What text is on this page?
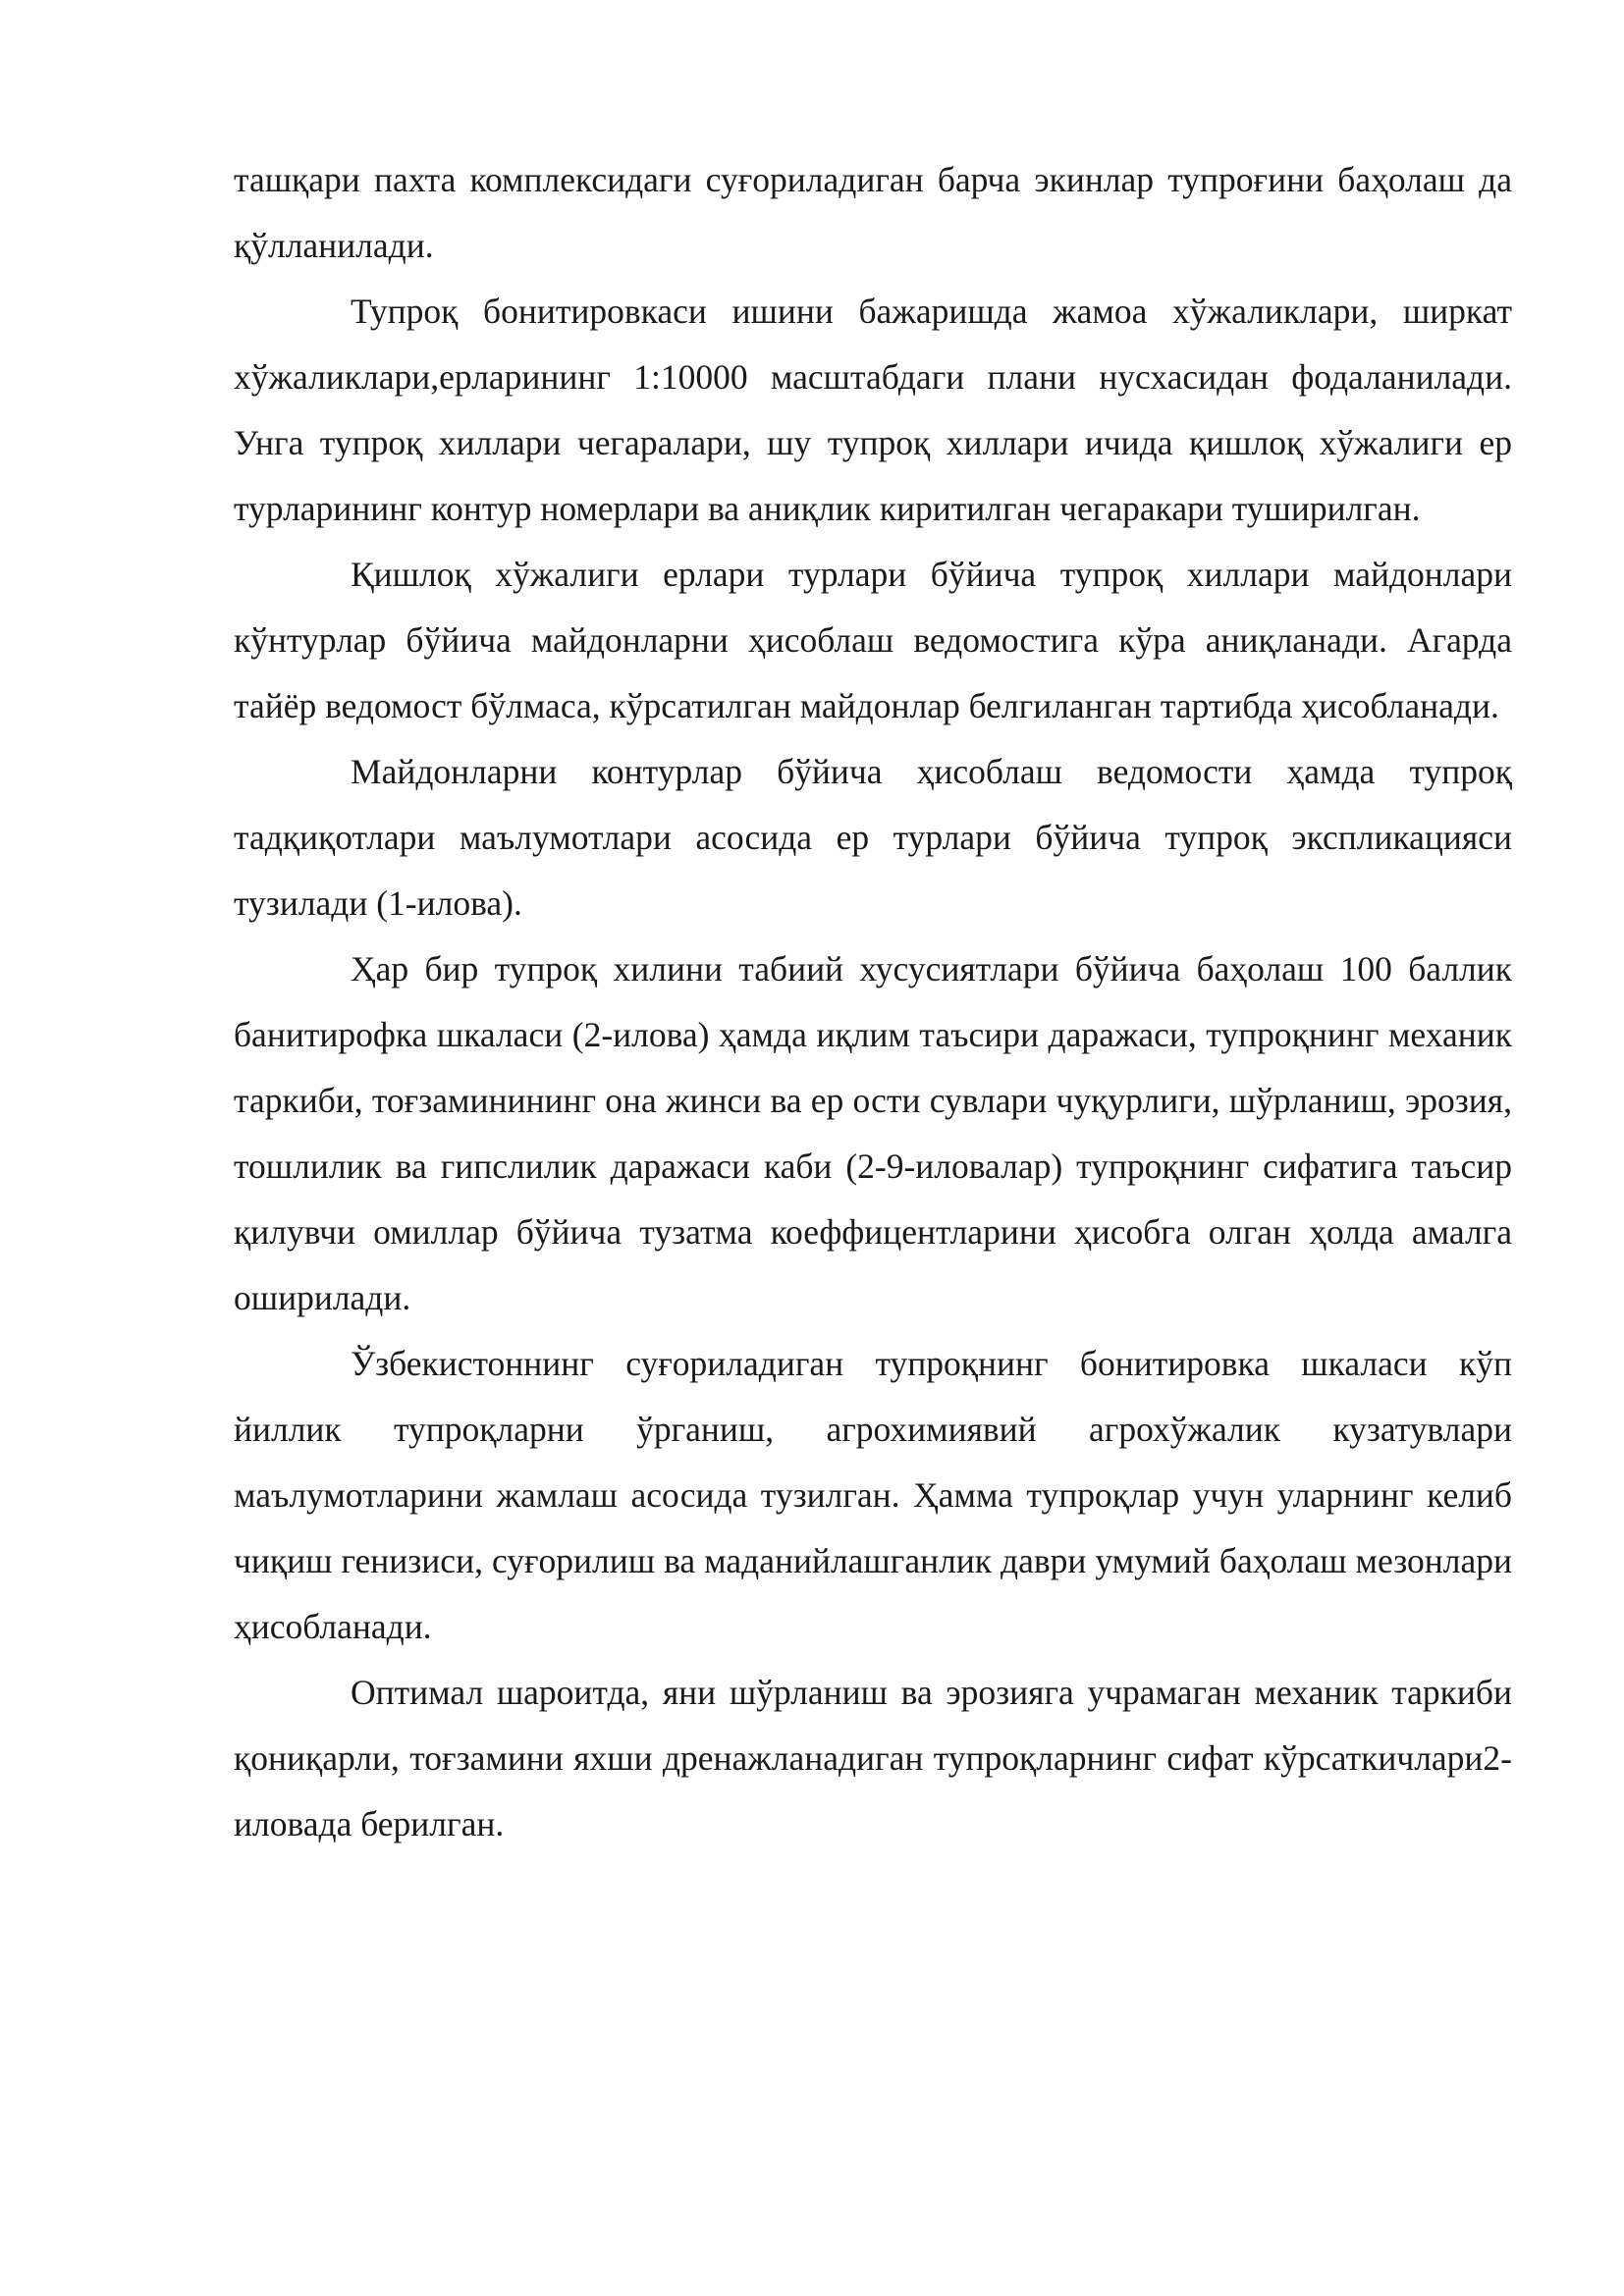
ташқари пахта комплексидаги суғориладиган барча экинлар тупроғини баҳолаш да қўлланилади.

Тупроқ бонитировкаси ишини бажаришда жамоа хўжаликлари, ширкат хўжаликлари,ерларининг 1:10000 масштабдаги плани нусхасидан фодаланилади. Унга тупроқ хиллари чегаралари, шу тупроқ хиллари ичида қишлоқ хўжалиги ер турларининг контур номерлари ва аниқлик киритилган чегаракари туширилган.

Қишлоқ хўжалиги ерлари турлари бўйича тупроқ хиллари майдонлари кўнтурлар бўйича майдонларни ҳисоблаш ведомостига кўра аниқланади. Агарда тайёр ведомост бўлмаса, кўрсатилган майдонлар белгиланган тартибда ҳисобланади.

Майдонларни контурлар бўйича ҳисоблаш ведомости ҳамда тупроқ тадқиқотлари маълумотлари асосида ер турлари бўйича тупроқ экспликацияси тузилади (1-илова).

Ҳар бир тупроқ хилини табиий хусусиятлари бўйича баҳолаш 100 баллик банитирофка шкаласи (2-илова) ҳамда иқлим таъсири даражаси, тупроқнинг механик таркиби, тоғзаминининг она жинси ва ер ости сувлари чуқурлиги, шўрланиш, эрозия, тошлилик ва гипслилик даражаси каби (2-9-иловалар) тупроқнинг сифатига таъсир қилувчи омиллар бўйича тузатма коеффицентларини ҳисобга олган ҳолда амалга оширилади.

Ўзбекистоннинг суғориладиган тупроқнинг бонитировка шкаласи кўп йиллик тупроқларни ўрганиш, агрохимиявий агрохўжалик кузатувлари маълумотларини жамлаш асосида тузилган. Ҳамма тупроқлар учун уларнинг келиб чиқиш генизиси, суғорилиш ва маданийлашганлик даври умумий баҳолаш мезонлари ҳисобланади.

Оптимал шароитда, яни шўрланиш ва эрозияга учрамаган механик таркиби қониқарли, тоғзамини яхши дренажланадиган тупроқларнинг сифат кўрсаткичлари2-иловада берилган.
